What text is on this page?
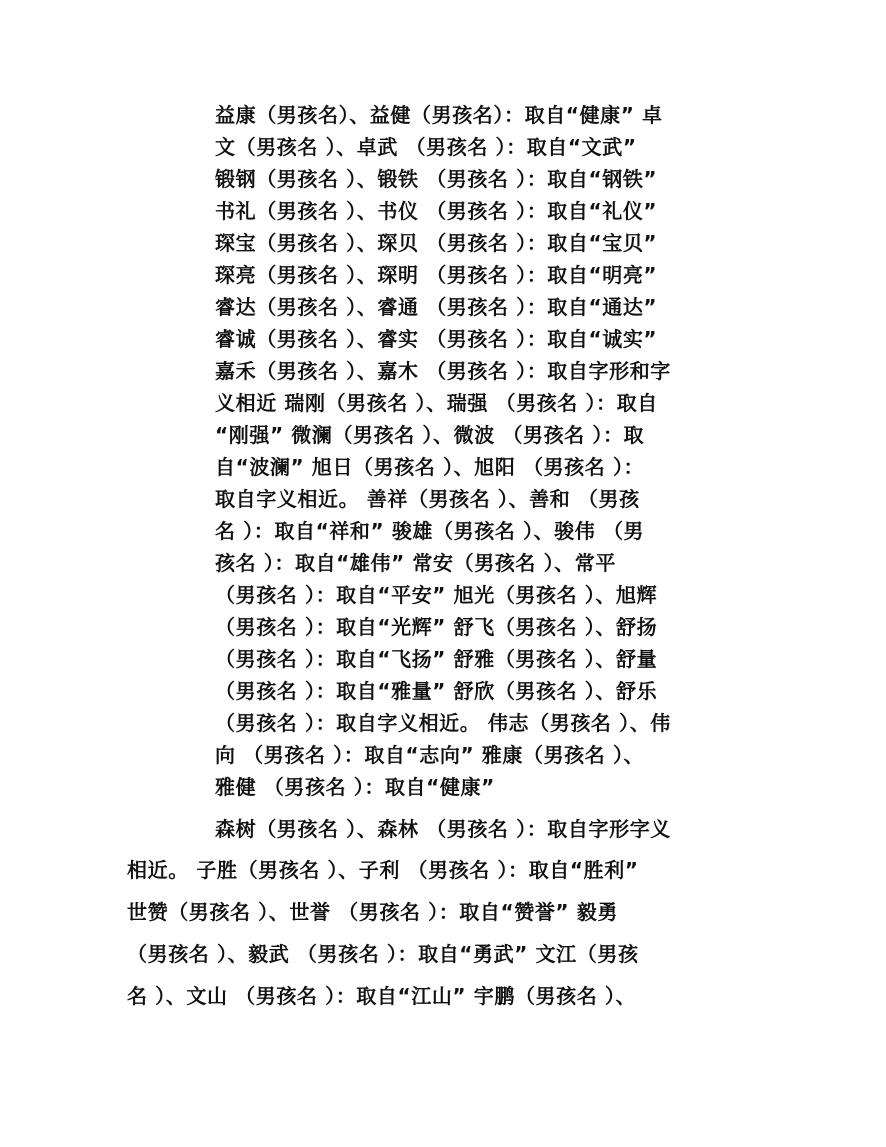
益康（男孩名）、益健（男孩名）：取自“健康” 卓
文（男孩名 ）、卓武 （男孩名 ）：取自“文武”
锻钢（男孩名 ）、锻铁 （男孩名 ）：取自“钢铁”
书礼（男孩名 ）、书仪 （男孩名 ）：取自“礼仪”
琛宝（男孩名 ）、琛贝 （男孩名 ）：取自“宝贝”
琛亮（男孩名 ）、琛明 （男孩名 ）：取自“明亮”
睿达（男孩名 ）、睿通 （男孩名 ）：取自“通达”
睿诚（男孩名 ）、睿实 （男孩名 ）：取自“诚实”
嘉禾（男孩名 ）、嘉木 （男孩名 ）：取自字形和字
义相近 瑞刚（男孩名 ）、瑞强 （男孩名 ）：取自
“刚强” 微澜（男孩名 ）、微波 （男孩名 ）：取
自“波澜” 旭日（男孩名 ）、旭阳 （男孩名 ）：
取自字义相近。 善祥（男孩名 ）、善和 （男孩
名 ）：取自“祥和” 骏雄（男孩名 ）、骏伟 （男
孩名 ）：取自“雄伟” 常安（男孩名 ）、常平
（男孩名 ）：取自“平安” 旭光（男孩名 ）、旭辉
（男孩名 ）：取自“光辉” 舒飞（男孩名 ）、舒扬
（男孩名 ）：取自“飞扬” 舒雅（男孩名 ）、舒量
（男孩名 ）：取自“雅量” 舒欣（男孩名 ）、舒乐
（男孩名 ）：取自字义相近。 伟志（男孩名 ）、伟
向 （男孩名 ）：取自“志向” 雅康（男孩名 ）、
雅健 （男孩名 ）：取自“健康”
森树（男孩名 ）、森林 （男孩名 ）：取自字形字义
相近。 子胜（男孩名 ）、子利 （男孩名 ）：取自“胜利”
世赞（男孩名 ）、世誉 （男孩名 ）：取自“赞誉” 毅勇
（男孩名 ）、毅武 （男孩名 ）：取自“勇武” 文江（男孩
名 ）、文山 （男孩名 ）：取自“江山” 宇鹏（男孩名 ）、
